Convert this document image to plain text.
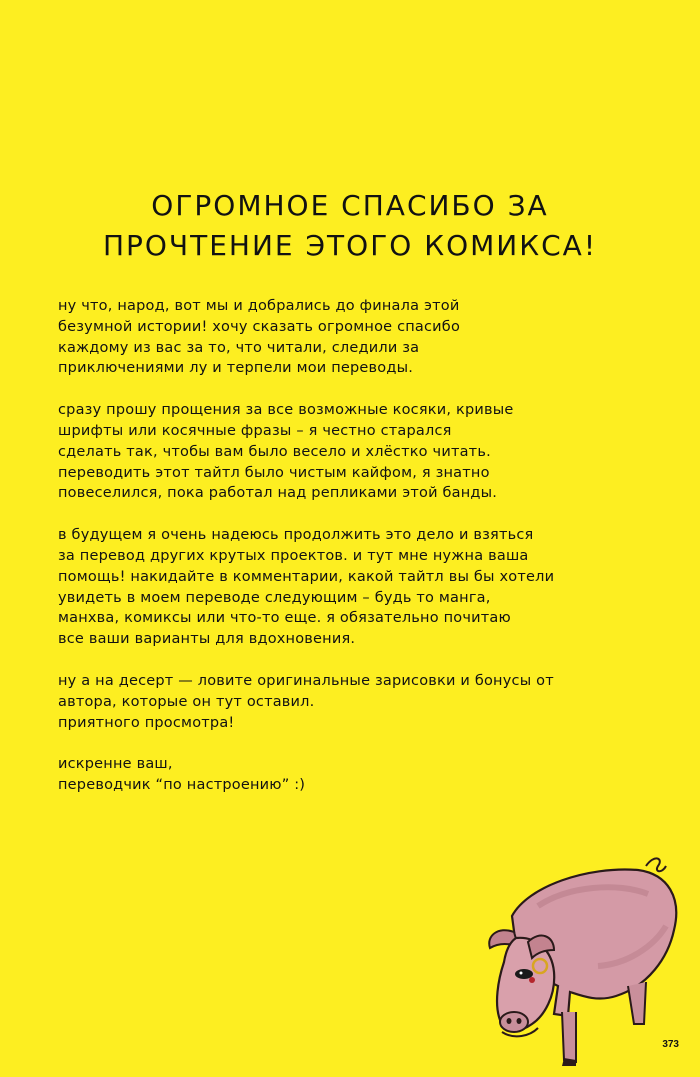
ОГРОМНОЕ СПАСИБО ЗА
ПРОЧТЕНИЕ ЭТОГО КОМИКСА!

ну что, народ, вот мы и добрались до финала этой
безумной истории! хочу сказать огромное спасибо
каждому из вас за то, что читали, следили за
приключениями лу и терпели мои переводы.

сразу прошу прощения за все возможные косяки, кривые
шрифты или косячные фразы – я честно старался
сделать так, чтобы вам было весело и хлёстко читать.
переводить этот тайтл было чистым кайфом, я знатно
повеселился, пока работал над репликами этой банды.

в будущем я очень надеюсь продолжить это дело и взяться
за перевод других крутых проектов. и тут мне нужна ваша
помощь! накидайте в комментарии, какой тайтл вы бы хотели
увидеть в моем переводе следующим – будь то манга,
манхва, комиксы или что-то еще. я обязательно почитаю
все ваши варианты для вдохновения.

ну а на десерт — ловите оригинальные зарисовки и бонусы от
автора, которые он тут оставил.
приятного просмотра!

искренне ваш,
переводчик “по настроению” :)

373
